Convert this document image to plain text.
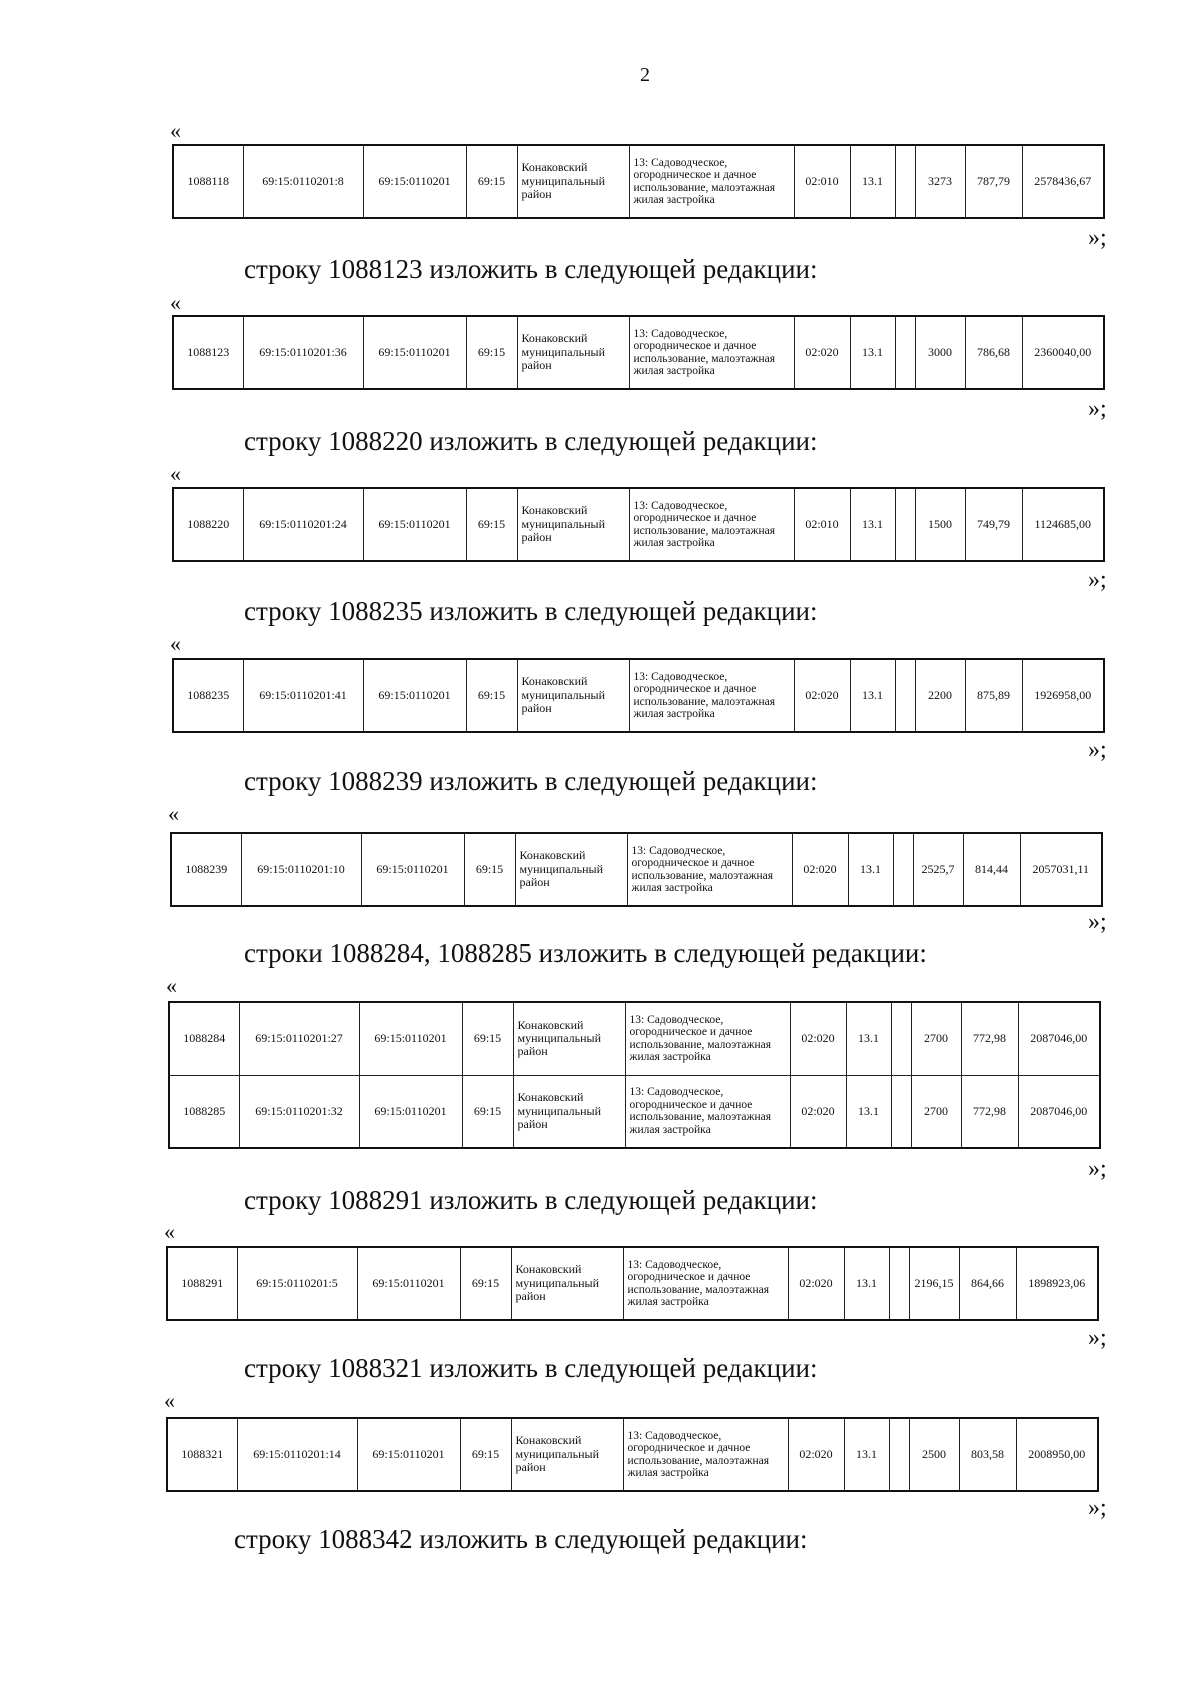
2
«
1088118	69:15:0110201:8	69:15:0110201	69:15	Конаковский муниципальный район	13: Садоводческое, огородническое и дачное использование, малоэтажная жилая застройка	02:010	13.1		3273	787,79	2578436,67
»;
строку 1088123 изложить в следующей редакции:
«
1088123	69:15:0110201:36	69:15:0110201	69:15	Конаковский муниципальный район	13: Садоводческое, огородническое и дачное использование, малоэтажная жилая застройка	02:020	13.1		3000	786,68	2360040,00
»;
строку 1088220 изложить в следующей редакции:
«
1088220	69:15:0110201:24	69:15:0110201	69:15	Конаковский муниципальный район	13: Садоводческое, огородническое и дачное использование, малоэтажная жилая застройка	02:010	13.1		1500	749,79	1124685,00
»;
строку 1088235 изложить в следующей редакции:
«
1088235	69:15:0110201:41	69:15:0110201	69:15	Конаковский муниципальный район	13: Садоводческое, огородническое и дачное использование, малоэтажная жилая застройка	02:020	13.1		2200	875,89	1926958,00
»;
строку 1088239 изложить в следующей редакции:
«
1088239	69:15:0110201:10	69:15:0110201	69:15	Конаковский муниципальный район	13: Садоводческое, огородническое и дачное использование, малоэтажная жилая застройка	02:020	13.1		2525,7	814,44	2057031,11
»;
строки 1088284, 1088285 изложить в следующей редакции:
«
1088284	69:15:0110201:27	69:15:0110201	69:15	Конаковский муниципальный район	13: Садоводческое, огородническое и дачное использование, малоэтажная жилая застройка	02:020	13.1		2700	772,98	2087046,00
1088285	69:15:0110201:32	69:15:0110201	69:15	Конаковский муниципальный район	13: Садоводческое, огородническое и дачное использование, малоэтажная жилая застройка	02:020	13.1		2700	772,98	2087046,00
»;
строку 1088291 изложить в следующей редакции:
«
1088291	69:15:0110201:5	69:15:0110201	69:15	Конаковский муниципальный район	13: Садоводческое, огородническое и дачное использование, малоэтажная жилая застройка	02:020	13.1		2196,15	864,66	1898923,06
»;
строку 1088321 изложить в следующей редакции:
«
1088321	69:15:0110201:14	69:15:0110201	69:15	Конаковский муниципальный район	13: Садоводческое, огородническое и дачное использование, малоэтажная жилая застройка	02:020	13.1		2500	803,58	2008950,00
»;
строку 1088342 изложить в следующей редакции:
